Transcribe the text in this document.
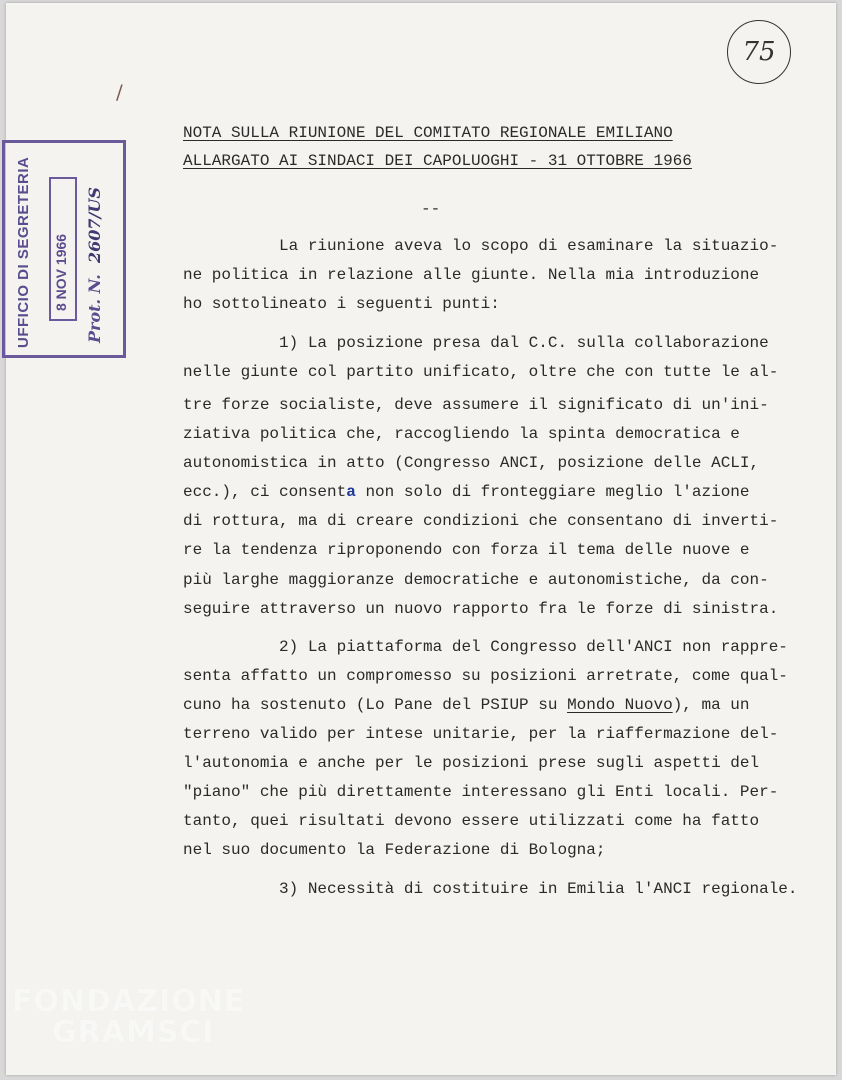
75
/
UFFICIO DI SEGRETERIA 8 NOV 1966 Prot. N.
2607/US
NOTA SULLA RIUNIONE DEL COMITATO REGIONALE EMILIANO
ALLARGATO AI SINDACI DEI CAPOLUOGHI - 31 OTTOBRE 1966
--
La riunione aveva lo scopo di esaminare la situazio-
ne politica in relazione alle giunte. Nella mia introduzione
ho sottolineato i seguenti punti:
1) La posizione presa dal C.C. sulla collaborazione
nelle giunte col partito unificato, oltre che con tutte le al-
tre forze socialiste, deve assumere il significato di un'ini-
ziativa politica che, raccogliendo la spinta democratica e
autonomistica in atto (Congresso ANCI, posizione delle ACLI,
ecc.), ci consenta non solo di fronteggiare meglio l'azione
di rottura, ma di creare condizioni che consentano di inverti-
re la tendenza riproponendo con forza il tema delle nuove e
più larghe maggioranze democratiche e autonomistiche, da con-
seguire attraverso un nuovo rapporto fra le forze di sinistra.
2) La piattaforma del Congresso dell'ANCI non rappre-
senta affatto un compromesso su posizioni arretrate, come qual-
cuno ha sostenuto (Lo Pane del PSIUP su Mondo Nuovo), ma un
terreno valido per intese unitarie, per la riaffermazione del-
l'autonomia e anche per le posizioni prese sugli aspetti del
"piano" che più direttamente interessano gli Enti locali. Per-
tanto, quei risultati devono essere utilizzati come ha fatto
nel suo documento la Federazione di Bologna;
3) Necessità di costituire in Emilia l'ANCI regionale.
FONDAZIONE
GRAMSCI
